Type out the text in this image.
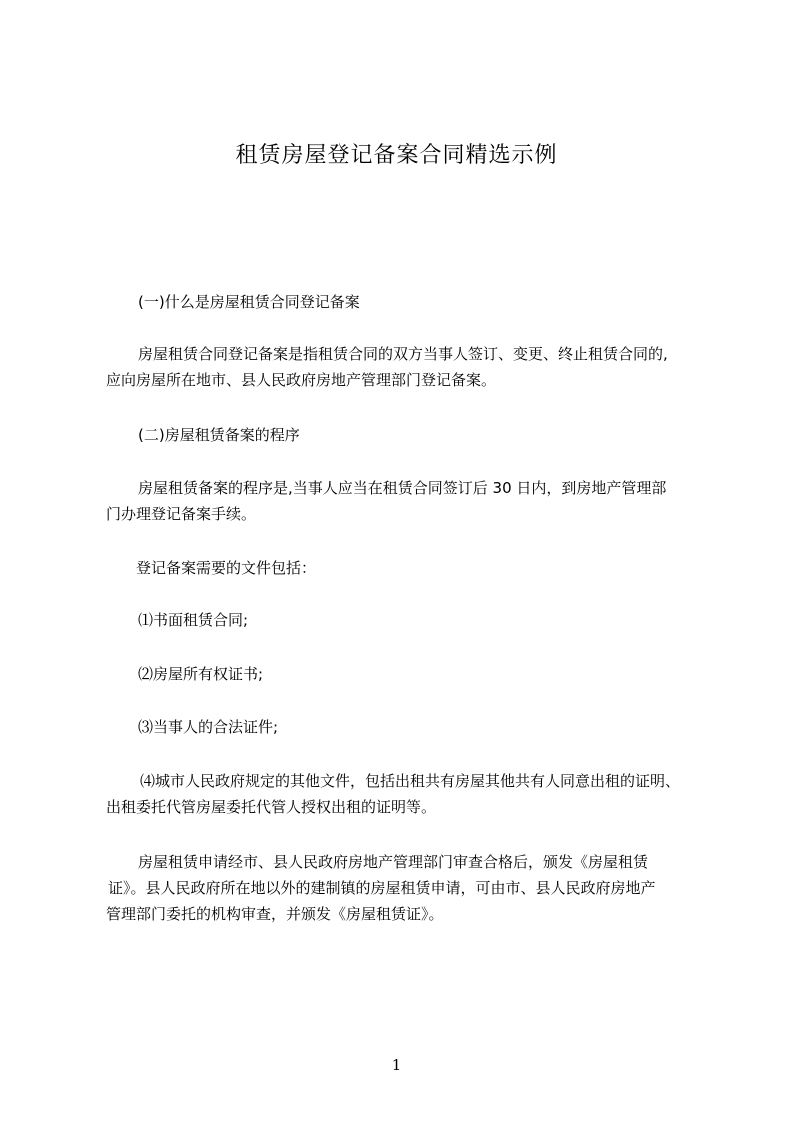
租赁房屋登记备案合同精选示例
(一)什么是房屋租赁合同登记备案
房屋租赁合同登记备案是指租赁合同的双方当事人签订、变更、终止租赁合同的,
应向房屋所在地市、县人民政府房地产管理部门登记备案。
(二)房屋租赁备案的程序
房屋租赁备案的程序是,当事人应当在租赁合同签订后 30 日内，到房地产管理部
门办理登记备案手续。
登记备案需要的文件包括：
⑴书面租赁合同;
⑵房屋所有权证书;
⑶当事人的合法证件;
⑷城市人民政府规定的其他文件，包括出租共有房屋其他共有人同意出租的证明、
出租委托代管房屋委托代管人授权出租的证明等。
房屋租赁申请经市、县人民政府房地产管理部门审查合格后，颁发《房屋租赁
证》。县人民政府所在地以外的建制镇的房屋租赁申请，可由市、县人民政府房地产
管理部门委托的机构审查，并颁发《房屋租赁证》。
1
